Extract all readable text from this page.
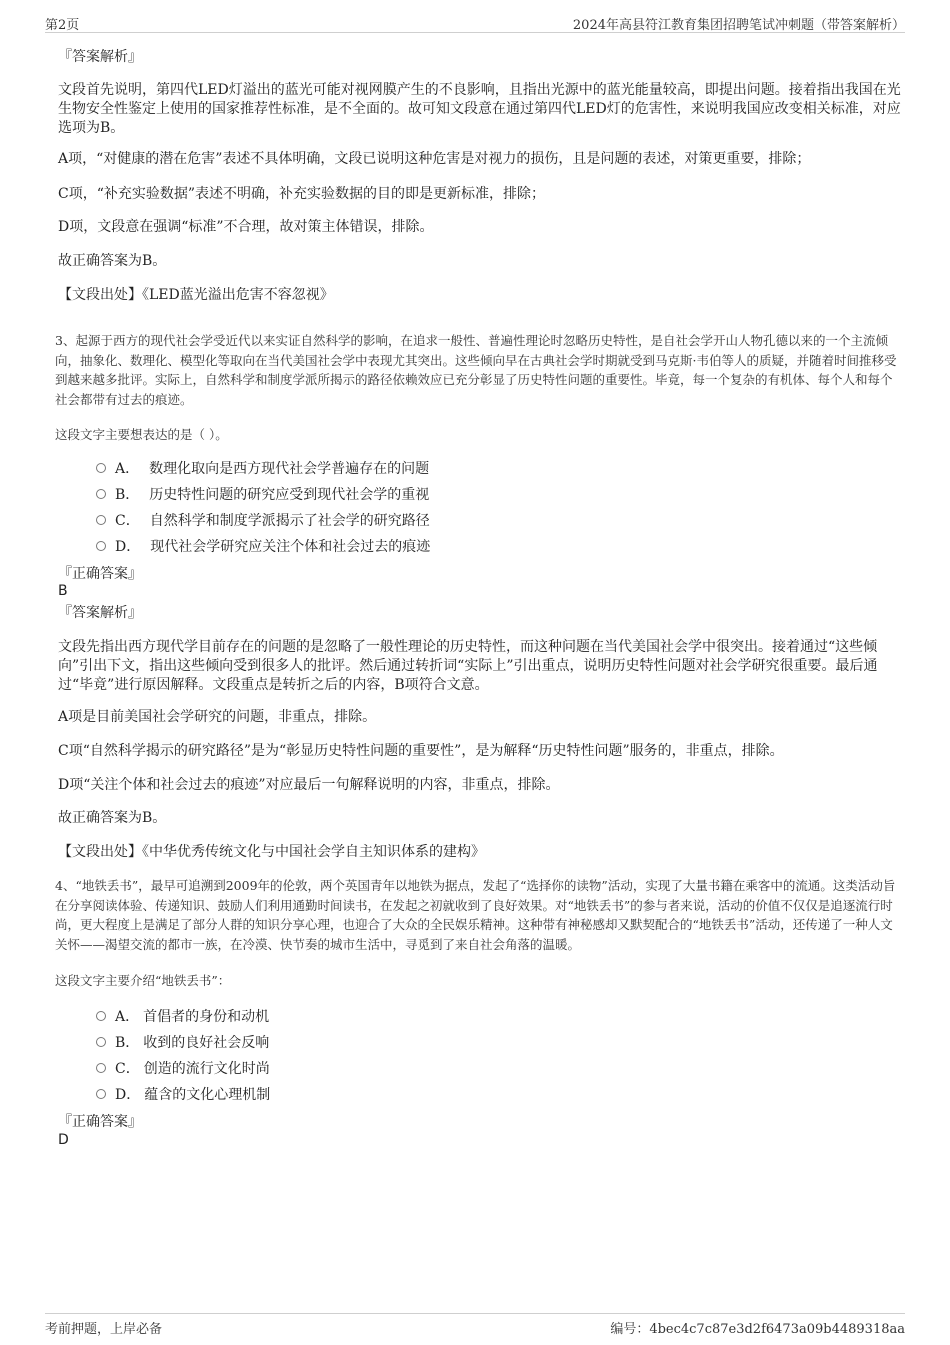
第2页	2024年高县符江教育集团招聘笔试冲刺题（带答案解析）
『答案解析』
文段首先说明，第四代LED灯溢出的蓝光可能对视网膜产生的不良影响，且指出光源中的蓝光能量较高，即提出问题。接着指出我国在光生物安全性鉴定上使用的国家推荐性标准，是不全面的。故可知文段意在通过第四代LED灯的危害性，来说明我国应改变相关标准，对应选项为B。
A项，“对健康的潜在危害”表述不具体明确，文段已说明这种危害是对视力的损伤，且是问题的表述，对策更重要，排除；
C项，“补充实验数据”表述不明确，补充实验数据的目的即是更新标准，排除；
D项，文段意在强调“标准”不合理，故对策主体错误，排除。
故正确答案为B。
【文段出处】《LED蓝光溢出危害不容忽视》
3、起源于西方的现代社会学受近代以来实证自然科学的影响，在追求一般性、普遍性理论时忽略历史特性，是自社会学开山人物孔德以来的一个主流倾向，抽象化、数理化、模型化等取向在当代美国社会学中表现尤其突出。这些倾向早在古典社会学时期就受到马克斯·韦伯等人的质疑，并随着时间推移受到越来越多批评。实际上，自然科学和制度学派所揭示的路径依赖效应已充分彰显了历史特性问题的重要性。毕竟，每一个复杂的有机体、每个人和每个社会都带有过去的痕迹。
这段文字主要想表达的是（ ）。
A． 数理化取向是西方现代社会学普遍存在的问题
B． 历史特性问题的研究应受到现代社会学的重视
C． 自然科学和制度学派揭示了社会学的研究路径
D． 现代社会学研究应关注个体和社会过去的痕迹
『正确答案』
B
『答案解析』
文段先指出西方现代学目前存在的问题的是忽略了一般性理论的历史特性，而这种问题在当代美国社会学中很突出。接着通过“这些倾向”引出下文，指出这些倾向受到很多人的批评。然后通过转折词“实际上”引出重点，说明历史特性问题对社会学研究很重要。最后通过“毕竟”进行原因解释。文段重点是转折之后的内容，B项符合文意。
A项是目前美国社会学研究的问题，非重点，排除。
C项“自然科学揭示的研究路径”是为“彰显历史特性问题的重要性”，是为解释“历史特性问题”服务的，非重点，排除。
D项“关注个体和社会过去的痕迹”对应最后一句解释说明的内容，非重点，排除。
故正确答案为B。
【文段出处】《中华优秀传统文化与中国社会学自主知识体系的建构》
4、“地铁丢书”，最早可追溯到2009年的伦敦，两个英国青年以地铁为据点，发起了“选择你的读物”活动，实现了大量书籍在乘客中的流通。这类活动旨在分享阅读体验、传递知识、鼓励人们利用通勤时间读书，在发起之初就收到了良好效果。对“地铁丢书”的参与者来说，活动的价值不仅仅是追逐流行时尚，更大程度上是满足了部分人群的知识分享心理，也迎合了大众的全民娱乐精神。这种带有神秘感却又默契配合的“地铁丢书”活动，还传递了一种人文关怀——渴望交流的都市一族，在冷漠、快节奏的城市生活中，寻觅到了来自社会角落的温暖。
这段文字主要介绍“地铁丢书”：
A． 首倡者的身份和动机
B． 收到的良好社会反响
C． 创造的流行文化时尚
D． 蕴含的文化心理机制
『正确答案』
D
考前押题，上岸必备	编号：4bec4c7c87e3d2f6473a09b4489318aa
